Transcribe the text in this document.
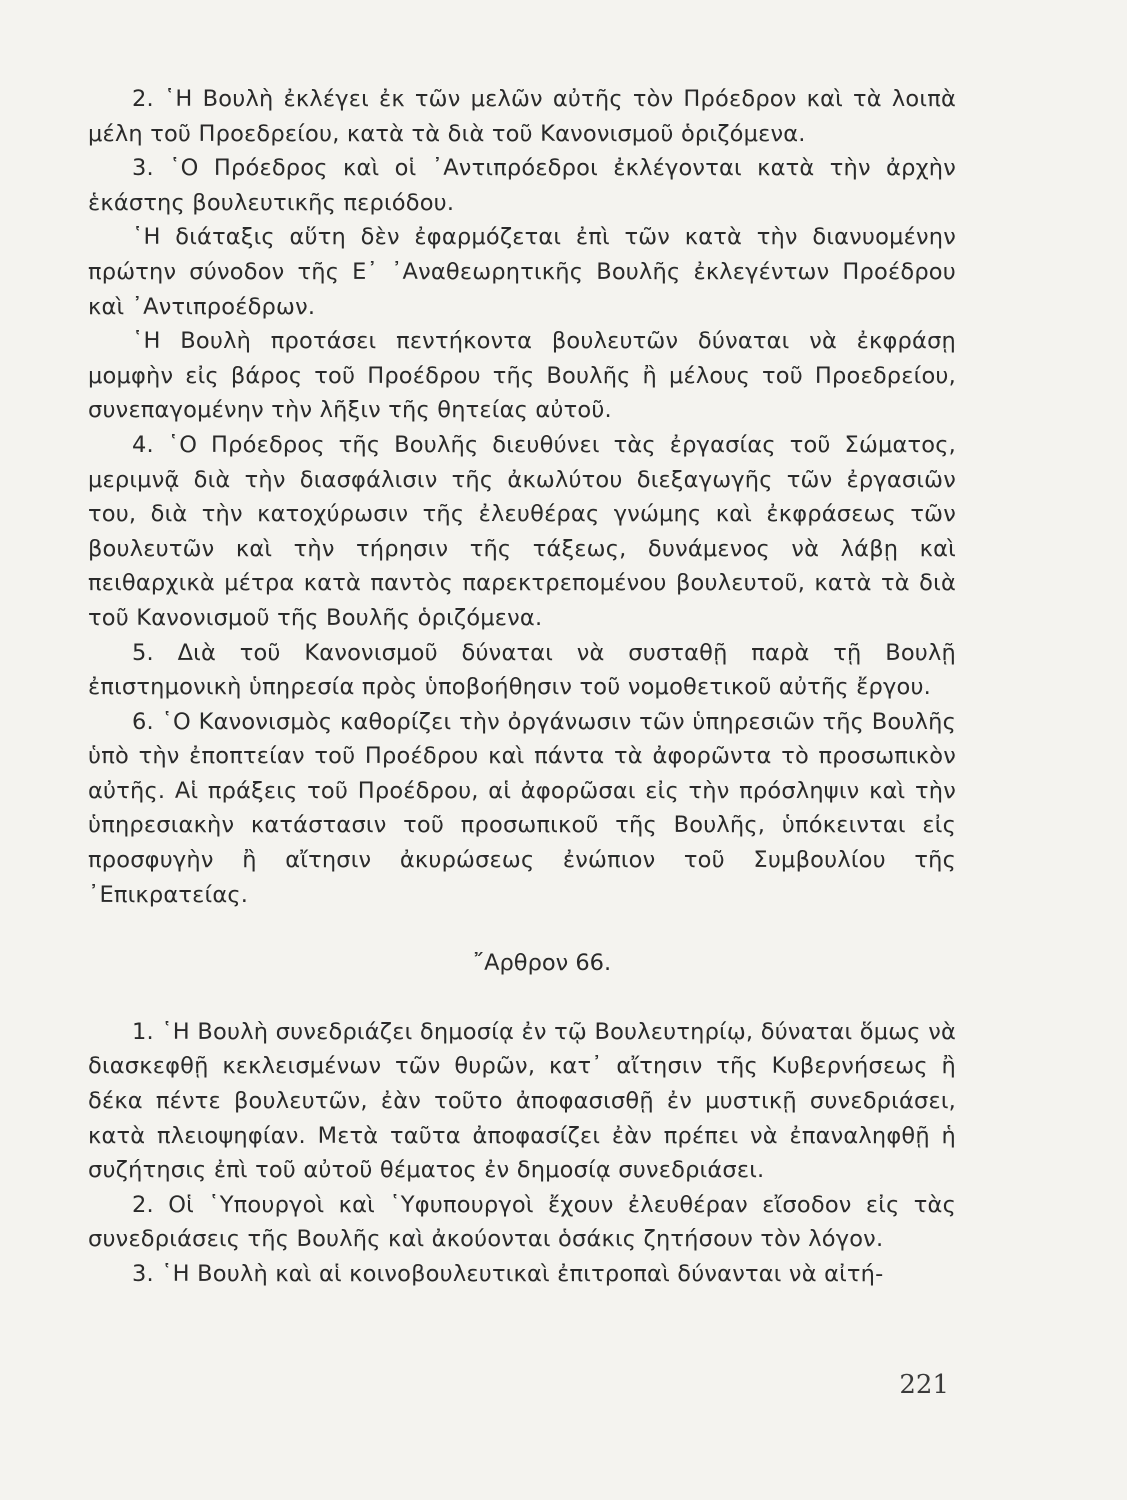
2. ῾Η Βουλὴ ἐκλέγει ἐκ τῶν μελῶν αὐτῆς τὸν Πρόεδρον καὶ τὰ λοιπὰ μέλη τοῦ Προεδρείου, κατὰ τὰ διὰ τοῦ Κανονισμοῦ ὁριζόμενα.

3. ῾Ο Πρόεδρος καὶ οἱ ᾿Αντιπρόεδροι ἐκλέγονται κατὰ τὴν ἀρχὴν ἑκάστης βουλευτικῆς περιόδου.

῾Η διάταξις αὕτη δὲν ἐφαρμόζεται ἐπὶ τῶν κατὰ τὴν διανυομένην πρώτην σύνοδον τῆς Ε᾿ ᾿Αναθεωρητικῆς Βουλῆς ἐκλεγέντων Προέδρου καὶ ᾿Αντιπροέδρων.

῾Η Βουλὴ προτάσει πεντήκοντα βουλευτῶν δύναται νὰ ἐκφράσῃ μομφὴν εἰς βάρος τοῦ Προέδρου τῆς Βουλῆς ἢ μέλους τοῦ Προεδρείου, συνεπαγομένην τὴν λῆξιν τῆς θητείας αὐτοῦ.

4. ῾Ο Πρόεδρος τῆς Βουλῆς διευθύνει τὰς ἐργασίας τοῦ Σώματος, μεριμνᾷ διὰ τὴν διασφάλισιν τῆς ἀκωλύτου διεξαγωγῆς τῶν ἐργασιῶν του, διὰ τὴν κατοχύρωσιν τῆς ἐλευθέρας γνώμης καὶ ἐκφράσεως τῶν βουλευτῶν καὶ τὴν τήρησιν τῆς τάξεως, δυνάμενος νὰ λάβῃ καὶ πειθαρχικὰ μέτρα κατὰ παντὸς παρεκτρεπομένου βουλευτοῦ, κατὰ τὰ διὰ τοῦ Κανονισμοῦ τῆς Βουλῆς ὁριζόμενα.

5. Διὰ τοῦ Κανονισμοῦ δύναται νὰ συσταθῇ παρὰ τῇ Βουλῇ ἐπιστημονικὴ ὑπηρεσία πρὸς ὑποβοήθησιν τοῦ νομοθετικοῦ αὐτῆς ἔργου.

6. ῾Ο Κανονισμὸς καθορίζει τὴν ὀργάνωσιν τῶν ὑπηρεσιῶν τῆς Βουλῆς ὑπὸ τὴν ἐποπτείαν τοῦ Προέδρου καὶ πάντα τὰ ἀφορῶντα τὸ προσωπικὸν αὐτῆς. Αἱ πράξεις τοῦ Προέδρου, αἱ ἀφορῶσαι εἰς τὴν πρόσληψιν καὶ τὴν ὑπηρεσιακὴν κατάστασιν τοῦ προσωπικοῦ τῆς Βουλῆς, ὑπόκεινται εἰς προσφυγὴν ἢ αἴτησιν ἀκυρώσεως ἐνώπιον τοῦ Συμβουλίου τῆς ᾿Επικρατείας.

῎Αρθρον 66.

1. ῾Η Βουλὴ συνεδριάζει δημοσίᾳ ἐν τῷ Βουλευτηρίῳ, δύναται ὅμως νὰ διασκεφθῇ κεκλεισμένων τῶν θυρῶν, κατ᾿ αἴτησιν τῆς Κυβερνήσεως ἢ δέκα πέντε βουλευτῶν, ἐὰν τοῦτο ἀποφασισθῇ ἐν μυστικῇ συνεδριάσει, κατὰ πλειοψηφίαν. Μετὰ ταῦτα ἀποφασίζει ἐὰν πρέπει νὰ ἐπαναληφθῇ ἡ συζήτησις ἐπὶ τοῦ αὐτοῦ θέματος ἐν δημοσίᾳ συνεδριάσει.

2. Οἱ ῾Υπουργοὶ καὶ ῾Υφυπουργοὶ ἔχουν ἐλευθέραν εἴσοδον εἰς τὰς συνεδριάσεις τῆς Βουλῆς καὶ ἀκούονται ὁσάκις ζητήσουν τὸν λόγον.

3. ῾Η Βουλὴ καὶ αἱ κοινοβουλευτικαὶ ἐπιτροπαὶ δύνανται νὰ αἰτή-

221
